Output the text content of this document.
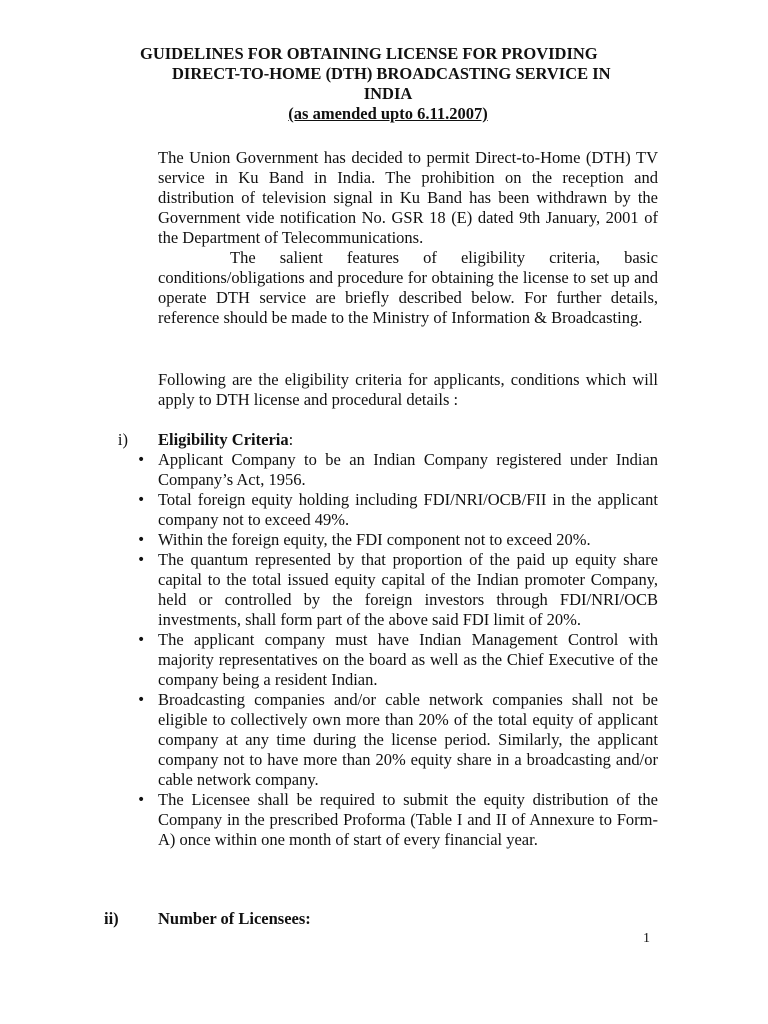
GUIDELINES FOR OBTAINING LICENSE FOR PROVIDING
DIRECT-TO-HOME (DTH) BROADCASTING SERVICE IN
INDIA
(as amended upto 6.11.2007)
The Union Government has decided to permit Direct-to-Home (DTH) TV service in Ku Band in India. The prohibition on the reception and distribution of television signal in Ku Band has been withdrawn by the Government vide notification No. GSR 18 (E) dated 9th January, 2001 of the Department of Telecommunications.
The salient features of eligibility criteria, basic conditions/obligations and procedure for obtaining the license to set up and operate DTH service are briefly described below. For further details, reference should be made to the Ministry of Information & Broadcasting.
Following are the eligibility criteria for applicants, conditions which will apply to DTH license and procedural details :
i) Eligibility Criteria:
• Applicant Company to be an Indian Company registered under Indian Company’s Act, 1956.
• Total foreign equity holding including FDI/NRI/OCB/FII in the applicant company not to exceed 49%.
• Within the foreign equity, the FDI component not to exceed 20%.
• The quantum represented by that proportion of the paid up equity share capital to the total issued equity capital of the Indian promoter Company, held or controlled by the foreign investors through FDI/NRI/OCB investments, shall form part of the above said FDI limit of 20%.
• The applicant company must have Indian Management Control with majority representatives on the board as well as the Chief Executive of the company being a resident Indian.
• Broadcasting companies and/or cable network companies shall not be eligible to collectively own more than 20% of the total equity of applicant company at any time during the license period. Similarly, the applicant company not to have more than 20% equity share in a broadcasting and/or cable network company.
• The Licensee shall be required to submit the equity distribution of the Company in the prescribed Proforma (Table I and II of Annexure to Form-A) once within one month of start of every financial year.
ii) Number of Licensees:
1
